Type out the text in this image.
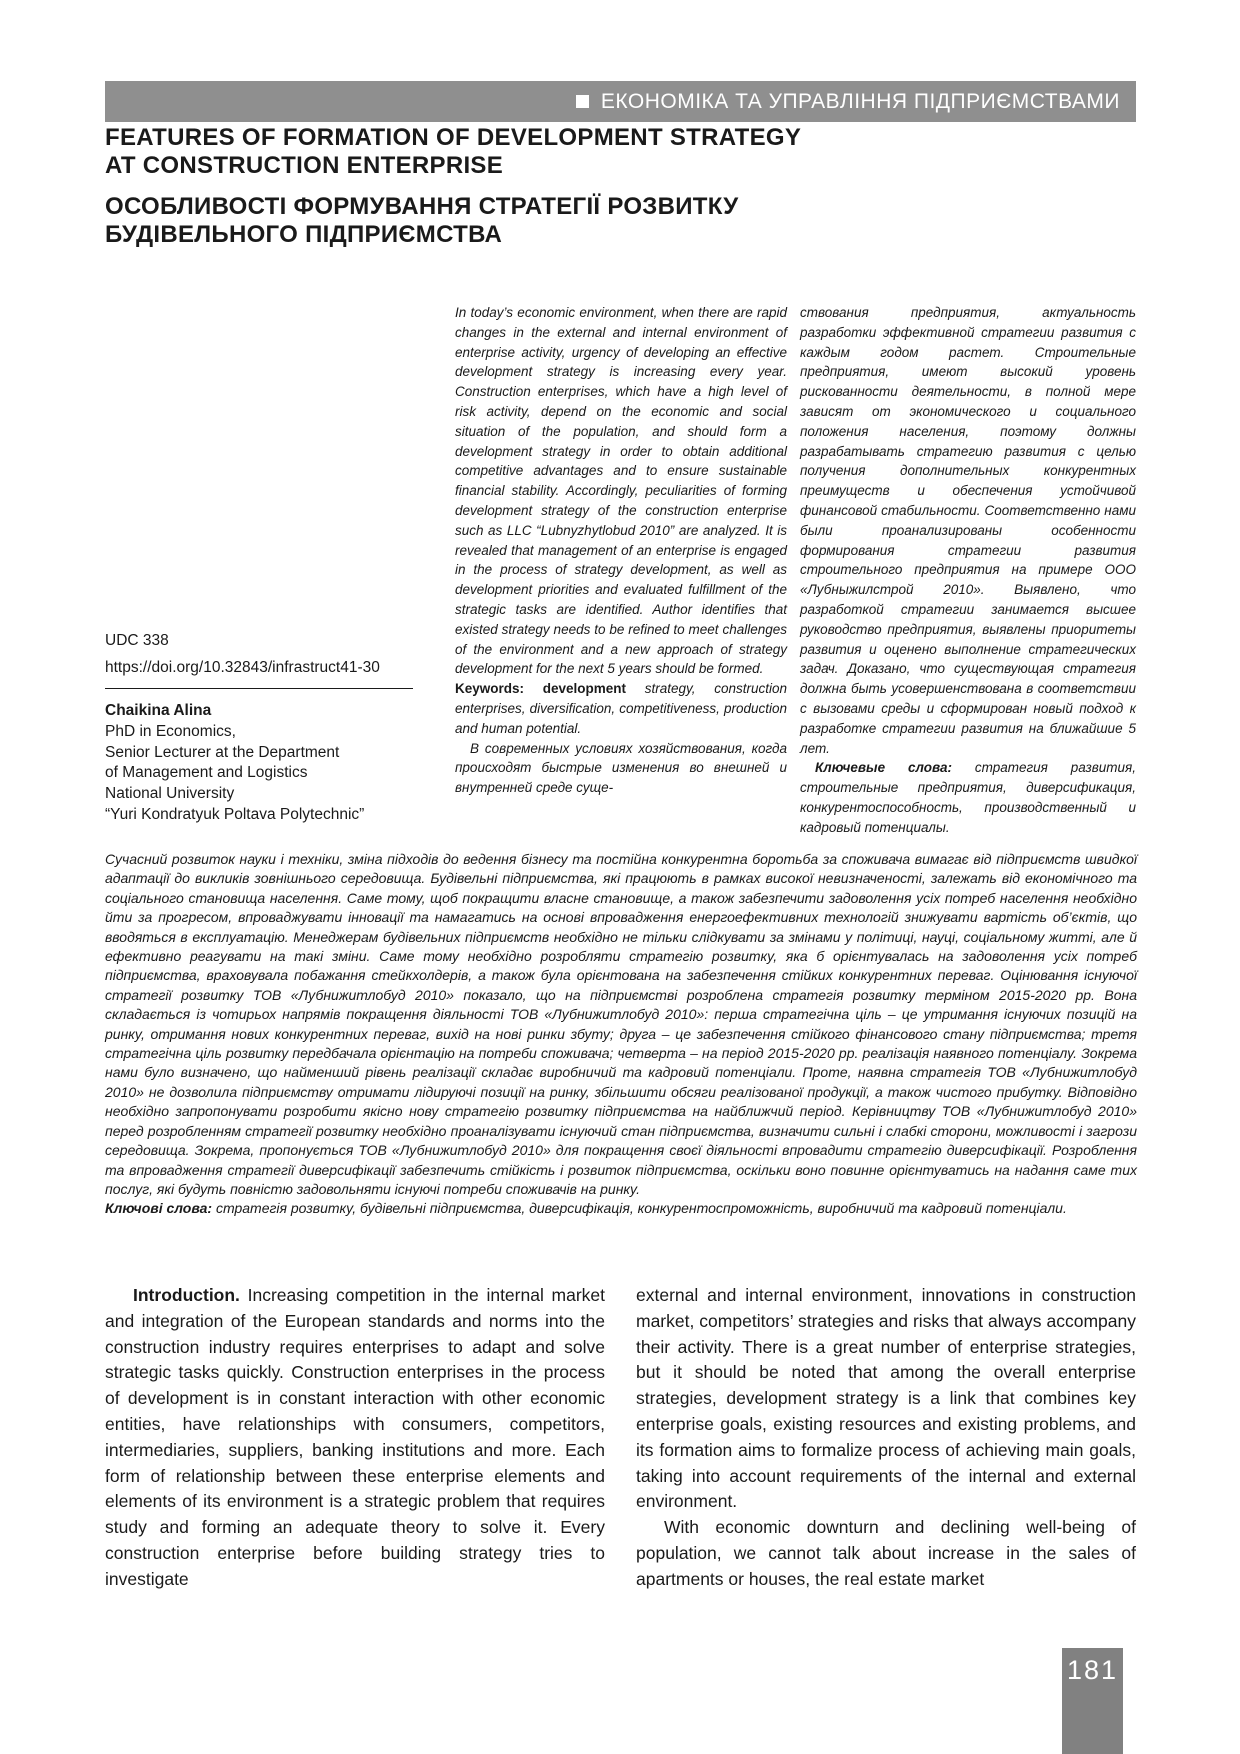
ЕКОНОМІКА ТА УПРАВЛІННЯ ПІДПРИЄМСТВАМИ
FEATURES OF FORMATION OF DEVELOPMENT STRATEGY
AT CONSTRUCTION ENTERPRISE
ОСОБЛИВОСТІ ФОРМУВАННЯ СТРАТЕГІЇ РОЗВИТКУ
БУДІВЕЛЬНОГО ПІДПРИЄМСТВА
UDC 338
https://doi.org/10.32843/infrastruct41-30
Chaikina Alina
PhD in Economics,
Senior Lecturer at the Department
of Management and Logistics
National University
“Yuri Kondratyuk Poltava Polytechnic”
In today’s economic environment, when there are rapid changes in the external and internal environment of enterprise activity, urgency of developing an effective development strategy is increasing every year. Construction enterprises, which have a high level of risk activity, depend on the economic and social situation of the population, and should form a development strategy in order to obtain additional competitive advantages and to ensure sustainable financial stability. Accordingly, peculiarities of forming development strategy of the construction enterprise such as LLC “Lubnyzhytlobud 2010” are analyzed. It is revealed that management of an enterprise is engaged in the process of strategy development, as well as development priorities and evaluated fulfillment of the strategic tasks are identified. Author identifies that existed strategy needs to be refined to meet challenges of the environment and a new approach of strategy development for the next 5 years should be formed.
Keywords: development strategy, construction enterprises, diversification, competitiveness, production and human potential.
В современных условиях хозяйствования, когда происходят быстрые изменения во внешней и внутренней среде суще-
ствования предприятия, актуальность разработки эффективной стратегии развития с каждым годом растет. Строительные предприятия, имеют высокий уровень рискованности деятельности, в полной мере зависят от экономического и социального положения населения, поэтому должны разрабатывать стратегию развития с целью получения дополнительных конкурентных преимуществ и обеспечения устойчивой финансовой стабильности. Соответственно нами были проанализированы особенности формирования стратегии развития строительного предприятия на примере ООО «Лубныжилстрой 2010». Выявлено, что разработкой стратегии занимается высшее руководство предприятия, выявлены приоритеты развития и оценено выполнение стратегических задач. Доказано, что существующая стратегия должна быть усовершенствована в соответствии с вызовами среды и сформирован новый подход к разработке стратегии развития на ближайшие 5 лет.
Ключевые слова: стратегия развития, строительные предприятия, диверсификация, конкурентоспособность, производственный и кадровый потенциалы.
Сучасний розвиток науки і техніки, зміна підходів до ведення бізнесу та постійна конкурентна боротьба за споживача вимагає від підприємств швидкої адаптації до викликів зовнішнього середовища. Будівельні підприємства, які працюють в рамках високої невизначеності, залежать від економічного та соціального становища населення. Саме тому, щоб покращити власне становище, а також забезпечити задоволення усіх потреб населення необхідно йти за прогресом, впроваджувати інновації та намагатись на основі впровадження енергоефективних технологій знижувати вартість об’єктів, що вводяться в експлуатацію. Менеджерам будівельних підприємств необхідно не тільки слідкувати за змінами у політиці, науці, соціальному житті, але й ефективно реагувати на такі зміни. Саме тому необхідно розробляти стратегію розвитку, яка б орієнтувалась на задоволення усіх потреб підприємства, враховувала побажання стейкхолдерів, а також була орієнтована на забезпечення стійких конкурентних переваг. Оцінювання існуючої стратегії розвитку ТОВ «Лубнижитлобуд 2010» показало, що на підприємстві розроблена стратегія розвитку терміном 2015-2020 рр. Вона складається із чотирьох напрямів покращення діяльності ТОВ «Лубнижитлобуд 2010»: перша стратегічна ціль – це утримання існуючих позицій на ринку, отримання нових конкурентних переваг, вихід на нові ринки збуту; друга – це забезпечення стійкого фінансового стану підприємства; третя стратегічна ціль розвитку передбачала орієнтацію на потреби споживача; четверта – на період 2015-2020 рр. реалізація наявного потенціалу. Зокрема нами було визначено, що найменший рівень реалізації складає виробничий та кадровий потенціали. Проте, наявна стратегія ТОВ «Лубнижитлобуд 2010» не дозволила підприємству отримати лідируючі позиції на ринку, збільшити обсяги реалізованої продукції, а також чистого прибутку. Відповідно необхідно запропонувати розробити якісно нову стратегію розвитку підприємства на найближчий період. Керівництву ТОВ «Лубнижитлобуд 2010» перед розробленням стратегії розвитку необхідно проаналізувати існуючий стан підприємства, визначити сильні і слабкі сторони, можливості і загрози середовища. Зокрема, пропонується ТОВ «Лубнижитлобуд 2010» для покращення своєї діяльності впровадити стратегію диверсифікації. Розроблення та впровадження стратегії диверсифікації забезпечить стійкість і розвиток підприємства, оскільки воно повинне орієнтуватись на надання саме тих послуг, які будуть повністю задовольняти існуючі потреби споживачів на ринку.
Ключові слова: стратегія розвитку, будівельні підприємства, диверсифікація, конкурентоспроможність, виробничий та кадровий потенціали.

Introduction. Increasing competition in the internal market and integration of the European standards and norms into the construction industry requires enterprises to adapt and solve strategic tasks quickly. Construction enterprises in the process of development is in constant interaction with other economic entities, have relationships with consumers, competitors, intermediaries, suppliers, banking institutions and more. Each form of relationship between these enterprise elements and elements of its environment is a strategic problem that requires study and forming an adequate theory to solve it. Every construction enterprise before building strategy tries to investigate

external and internal environment, innovations in construction market, competitors’ strategies and risks that always accompany their activity. There is a great number of enterprise strategies, but it should be noted that among the overall enterprise strategies, development strategy is a link that combines key enterprise goals, existing resources and existing problems, and its formation aims to formalize process of achieving main goals, taking into account requirements of the internal and external environment.

With economic downturn and declining well-being of population, we cannot talk about increase in the sales of apartments or houses, the real estate market

181
